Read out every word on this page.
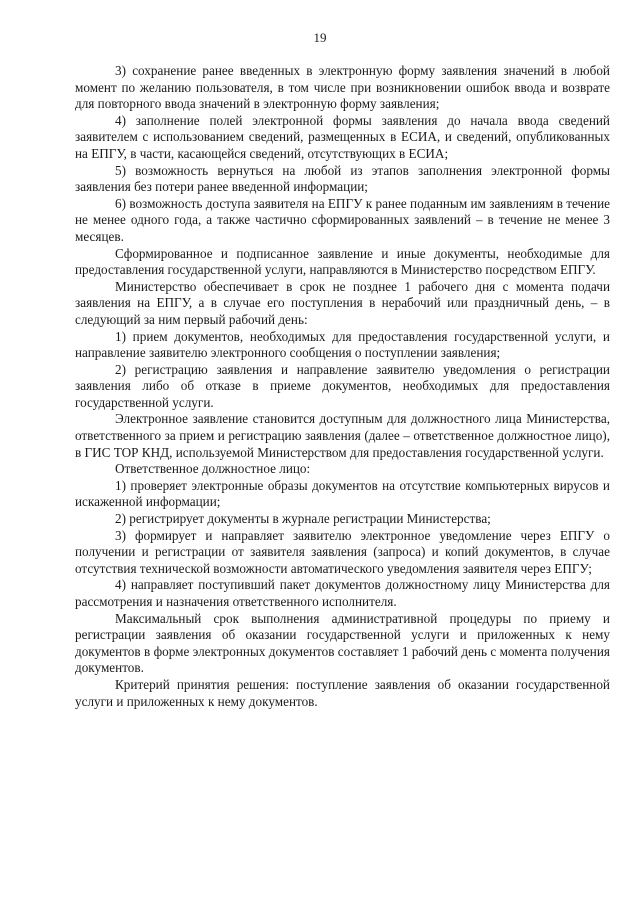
19

3) сохранение ранее введенных в электронную форму заявления значений в любой момент по желанию пользователя, в том числе при возникновении ошибок ввода и возврате для повторного ввода значений в электронную форму заявления;

4) заполнение полей электронной формы заявления до начала ввода сведений заявителем с использованием сведений, размещенных в ЕСИА, и сведений, опубликованных на ЕПГУ, в части, касающейся сведений, отсутствующих в ЕСИА;

5) возможность вернуться на любой из этапов заполнения электронной формы заявления без потери ранее введенной информации;

6) возможность доступа заявителя на ЕПГУ к ранее поданным им заявлениям в течение не менее одного года, а также частично сформированных заявлений – в течение не менее 3 месяцев.

Сформированное и подписанное заявление и иные документы, необходимые для предоставления государственной услуги, направляются в Министерство посредством ЕПГУ.

Министерство обеспечивает в срок не позднее 1 рабочего дня с момента подачи заявления на ЕПГУ, а в случае его поступления в нерабочий или праздничный день, – в следующий за ним первый рабочий день:

1) прием документов, необходимых для предоставления государственной услуги, и направление заявителю электронного сообщения о поступлении заявления;

2) регистрацию заявления и направление заявителю уведомления о регистрации заявления либо об отказе в приеме документов, необходимых для предоставления государственной услуги.

Электронное заявление становится доступным для должностного лица Министерства, ответственного за прием и регистрацию заявления (далее – ответственное должностное лицо), в ГИС ТОР КНД, используемой Министерством для предоставления государственной услуги.

Ответственное должностное лицо:

1) проверяет электронные образы документов на отсутствие компьютерных вирусов и искаженной информации;

2) регистрирует документы в журнале регистрации Министерства;

3) формирует и направляет заявителю электронное уведомление через ЕПГУ о получении и регистрации от заявителя заявления (запроса) и копий документов, в случае отсутствия технической возможности автоматического уведомления заявителя через ЕПГУ;

4) направляет поступивший пакет документов должностному лицу Министерства для рассмотрения и назначения ответственного исполнителя.

Максимальный срок выполнения административной процедуры по приему и регистрации заявления об оказании государственной услуги и приложенных к нему документов в форме электронных документов составляет 1 рабочий день с момента получения документов.

Критерий принятия решения: поступление заявления об оказании государственной услуги и приложенных к нему документов.
